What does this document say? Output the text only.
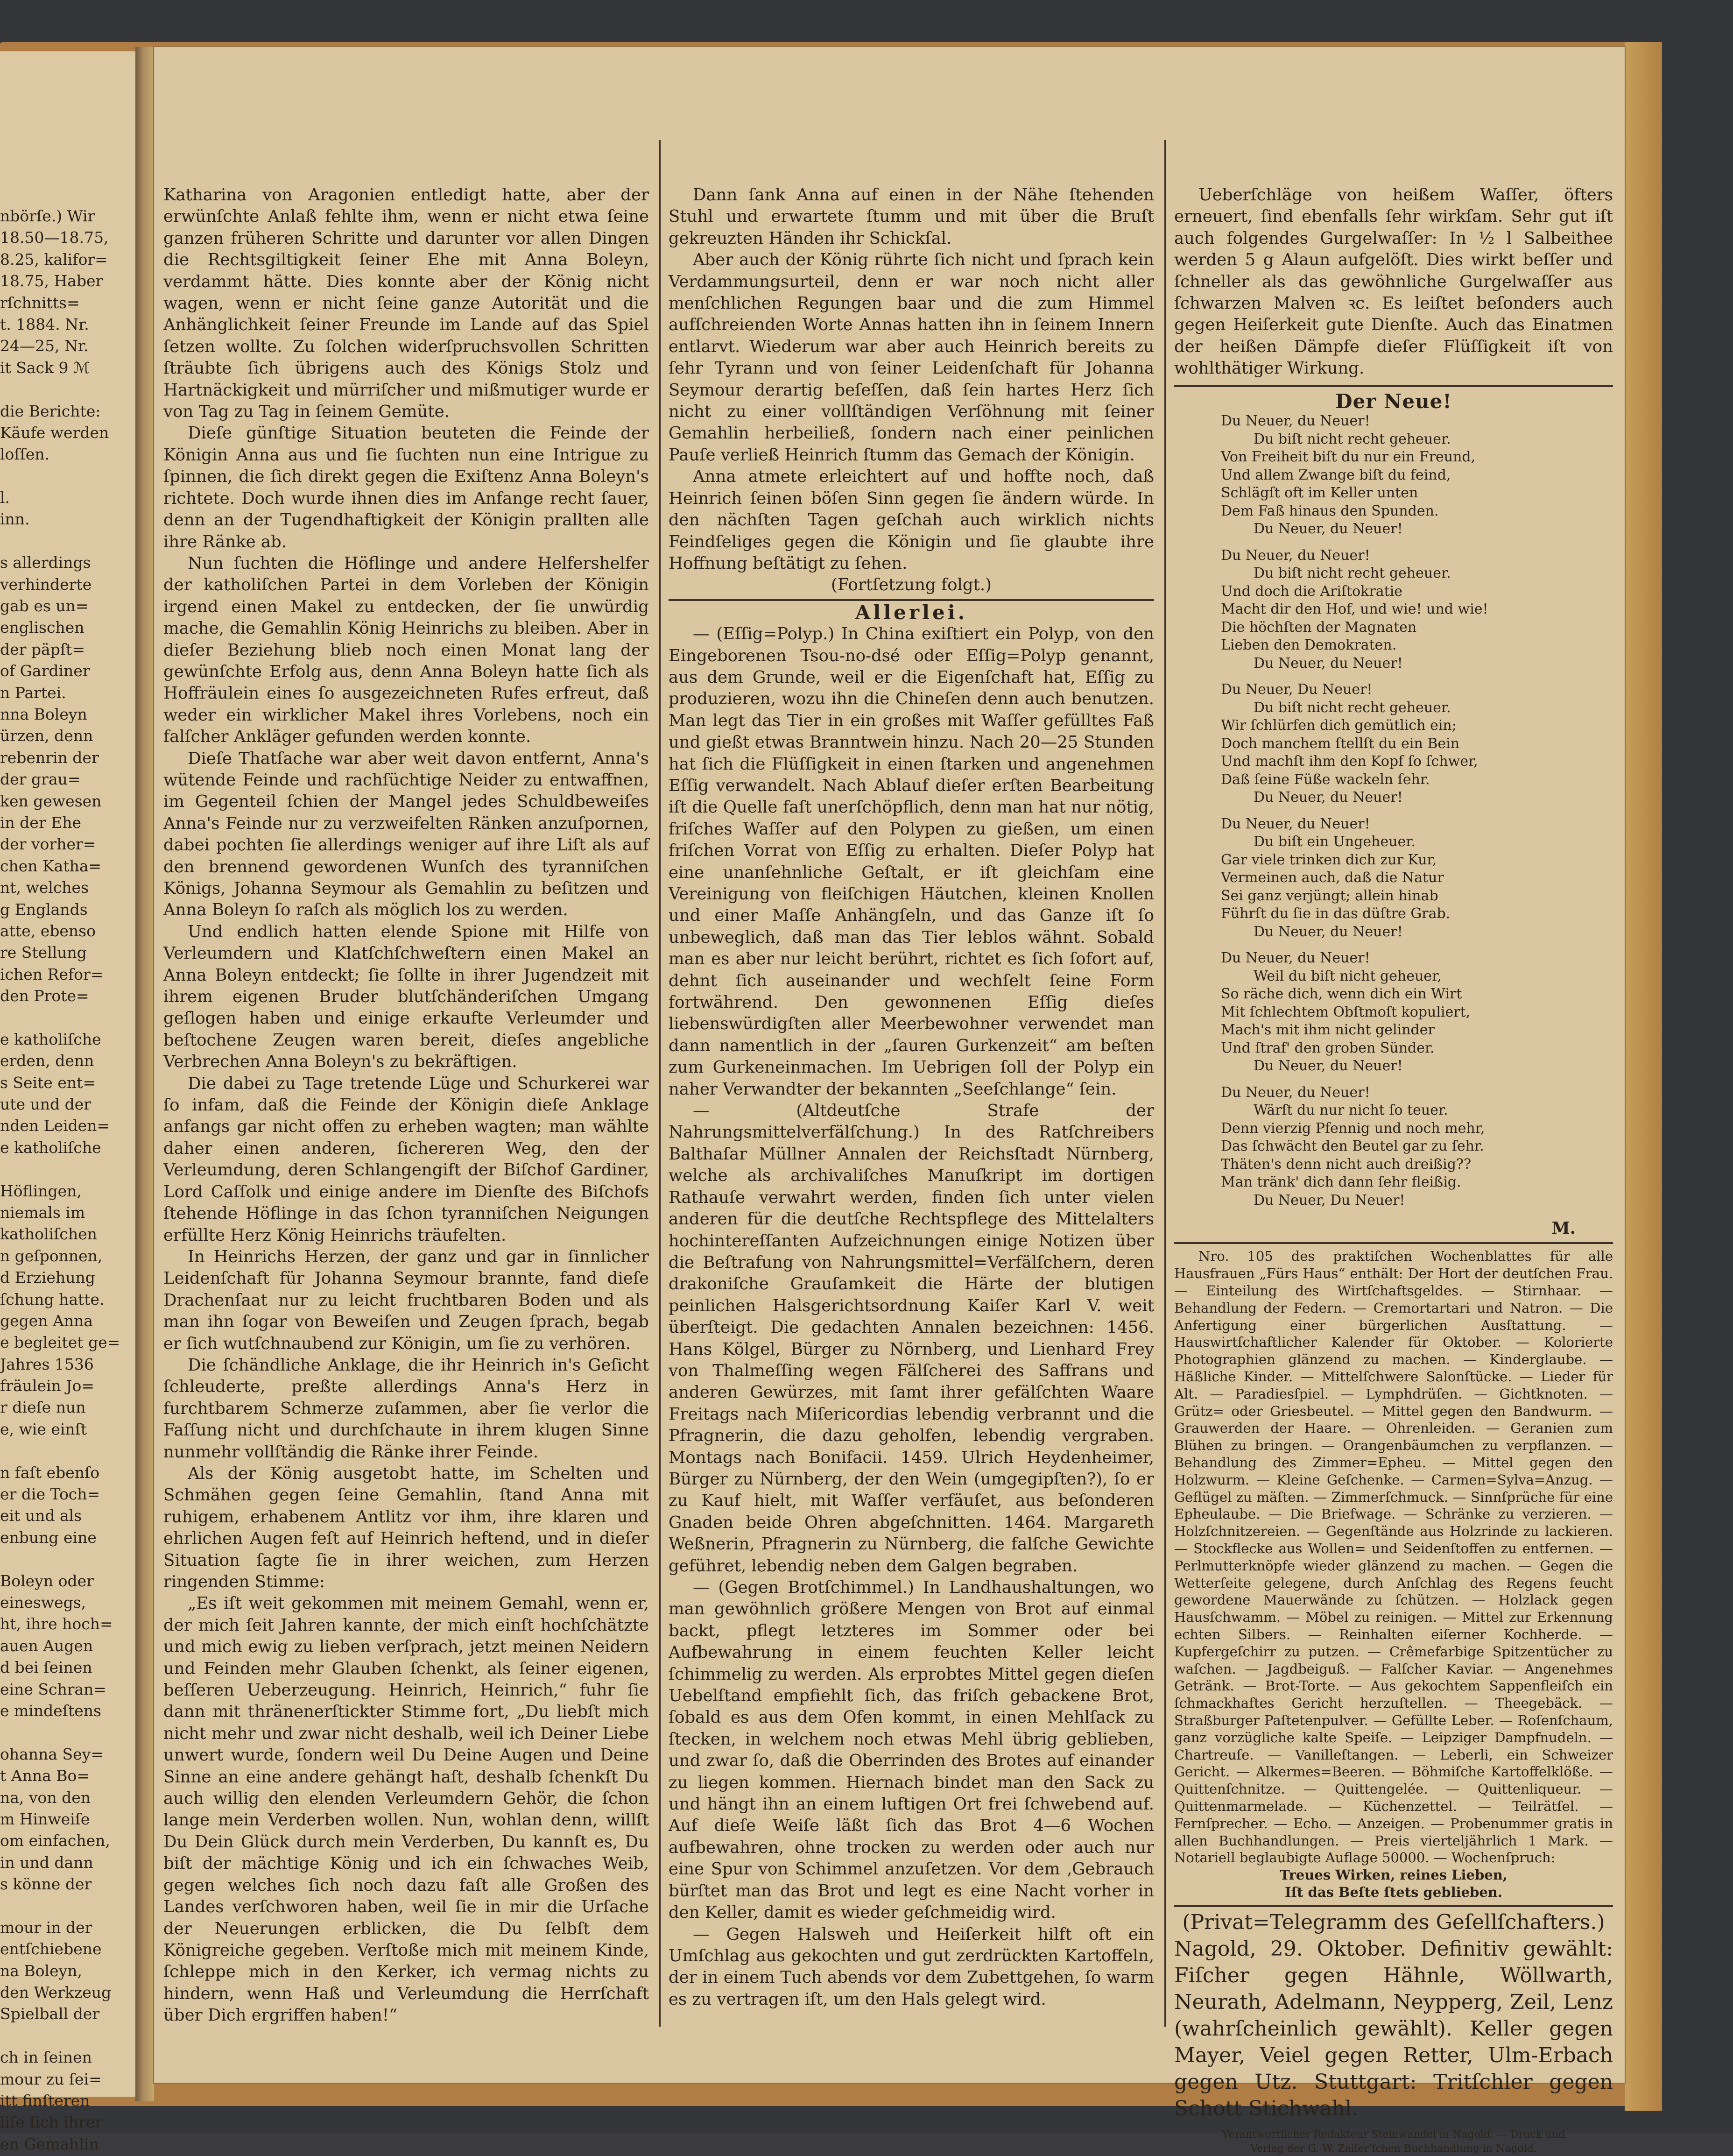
nbörſe.) Wir
18.50—18.75,
8.25, kalifor=
18.75, Haber
rſchnitts=
t. 1884. Nr.
24—25, Nr.
it Sack 9 ℳ
die Berichte:
Käufe werden
loſſen.
l.
inn.
s allerdings
verhinderte
gab es un=
englischen
der päpſt=
of Gardiner
n Partei.
nna Boleyn
ürzen, denn
rebenrin der
der grau=
ken gewesen
in der Ehe
der vorher=
chen Katha=
nt, welches
g Englands
atte, ebenso
re Stellung
ichen Refor=
den Prote=
e katholiſche
erden, denn
s Seite ent=
ute und der
nden Leiden=
e katholiſche
Höflingen,
niemals im
katholiſchen
n geſponnen,
d Erziehung
ſchung hatte.
gegen Anna
e begleitet ge=
Jahres 1536
fräulein Jo=
r dieſe nun
e, wie einſt
n faſt ebenſo
er die Toch=
eit und als
enbung eine
Boleyn oder
eineswegs,
ht, ihre hoch=
auen Augen
d bei ſeinen
eine Schran=
e mindeſtens
ohanna Sey=
t Anna Bo=
na, von den
m Hinweiſe
om einfachen,
in und dann
s könne der
mour in der
entſchiebene
na Boleyn,
den Werkzeug
Spielball der
ch in ſeinen
mour zu ſei=
itt finſteren
liſe ſich ihrer
en Gemahlin

Katharina von Aragonien entledigt hatte, aber der erwünſchte Anlaß fehlte ihm, wenn er nicht etwa ſeine ganzen früheren Schritte und darunter vor allen Dingen die Rechtsgiltigkeit ſeiner Ehe mit Anna Boleyn, verdammt hätte. Dies konnte aber der König nicht wagen, wenn er nicht ſeine ganze Autorität und die Anhänglichkeit ſeiner Freunde im Lande auf das Spiel ſetzen wollte. Zu ſolchen widerſpruchsvollen Schritten ſträubte ſich übrigens auch des Königs Stolz und Hartnäckigkeit und mürriſcher und mißmutiger wurde er von Tag zu Tag in ſeinem Gemüte.

Dieſe günſtige Situation beuteten die Feinde der Königin Anna aus und ſie ſuchten nun eine Intrigue zu ſpinnen, die ſich direkt gegen die Exiſtenz Anna Boleyn's richtete. Doch wurde ihnen dies im Anfange recht ſauer, denn an der Tugendhaftigkeit der Königin prallten alle ihre Ränke ab.

Nun ſuchten die Höflinge und andere Helfershelfer der katholiſchen Partei in dem Vorleben der Königin irgend einen Makel zu entdecken, der ſie unwürdig mache, die Gemahlin König Heinrichs zu bleiben. Aber in dieſer Beziehung blieb noch einen Monat lang der gewünſchte Erfolg aus, denn Anna Boleyn hatte ſich als Hoffräulein eines ſo ausgezeichneten Rufes erfreut, daß weder ein wirklicher Makel ihres Vorlebens, noch ein falſcher Ankläger gefunden werden konnte.

Dieſe Thatſache war aber weit davon entfernt, Anna's wütende Feinde und rachſüchtige Neider zu entwaffnen, im Gegenteil ſchien der Mangel jedes Schuldbeweiſes Anna's Feinde nur zu verzweifelten Ränken anzuſpornen, dabei pochten ſie allerdings weniger auf ihre Liſt als auf den brennend gewordenen Wunſch des tyranniſchen Königs, Johanna Seymour als Gemahlin zu beſitzen und Anna Boleyn ſo raſch als möglich los zu werden.

Und endlich hatten elende Spione mit Hilfe von Verleumdern und Klatſchſchweſtern einen Makel an Anna Boleyn entdeckt; ſie ſollte in ihrer Jugendzeit mit ihrem eigenen Bruder blutſchänderiſchen Umgang geſlogen haben und einige erkaufte Verleumder und beſtochene Zeugen waren bereit, dieſes angebliche Verbrechen Anna Boleyn's zu bekräftigen.

Die dabei zu Tage tretende Lüge und Schurkerei war ſo infam, daß die Feinde der Königin dieſe Anklage anfangs gar nicht offen zu erheben wagten; man wählte daher einen anderen, ſichereren Weg, den der Verleumdung, deren Schlangengift der Biſchof Gardiner, Lord Caſſolk und einige andere im Dienſte des Biſchofs ſtehende Höflinge in das ſchon tyranniſchen Neigungen erfüllte Herz König Heinrichs träufelten.

In Heinrichs Herzen, der ganz und gar in ſinnlicher Leidenſchaft für Johanna Seymour brannte, fand dieſe Drachenſaat nur zu leicht fruchtbaren Boden und als man ihn ſogar von Beweiſen und Zeugen ſprach, begab er ſich wutſchnaubend zur Königin, um ſie zu verhören.

Die ſchändliche Anklage, die ihr Heinrich in's Geſicht ſchleuderte, preßte allerdings Anna's Herz in furchtbarem Schmerze zuſammen, aber ſie verlor die Faſſung nicht und durchſchaute in ihrem klugen Sinne nunmehr vollſtändig die Ränke ihrer Feinde.

Als der König ausgetobt hatte, im Schelten und Schmähen gegen ſeine Gemahlin, ſtand Anna mit ruhigem, erhabenem Antlitz vor ihm, ihre klaren und ehrlichen Augen feſt auf Heinrich heftend, und in dieſer Situation ſagte ſie in ihrer weichen, zum Herzen ringenden Stimme:

„Es iſt weit gekommen mit meinem Gemahl, wenn er, der mich ſeit Jahren kannte, der mich einſt hochſchätzte und mich ewig zu lieben verſprach, jetzt meinen Neidern und Feinden mehr Glauben ſchenkt, als ſeiner eigenen, beſſeren Ueberzeugung. Heinrich, Heinrich,“ fuhr ſie dann mit thränenerſtickter Stimme fort, „Du liebſt mich nicht mehr und zwar nicht deshalb, weil ich Deiner Liebe unwert wurde, ſondern weil Du Deine Augen und Deine Sinne an eine andere gehängt haſt, deshalb ſchenkſt Du auch willig den elenden Verleumdern Gehör, die ſchon lange mein Verderben wollen. Nun, wohlan denn, willſt Du Dein Glück durch mein Verderben, Du kannſt es, Du biſt der mächtige König und ich ein ſchwaches Weib, gegen welches ſich noch dazu faſt alle Großen des Landes verſchworen haben, weil ſie in mir die Urſache der Neuerungen erblicken, die Du ſelbſt dem Königreiche gegeben. Verſtoße mich mit meinem Kinde, ſchleppe mich in den Kerker, ich vermag nichts zu hindern, wenn Haß und Verleumdung die Herrſchaft über Dich ergriffen haben!“

Dann ſank Anna auf einen in der Nähe ſtehenden Stuhl und erwartete ſtumm und mit über die Bruſt gekreuzten Händen ihr Schickſal.

Aber auch der König rührte ſich nicht und ſprach kein Verdammungsurteil, denn er war noch nicht aller menſchlichen Regungen baar und die zum Himmel aufſchreienden Worte Annas hatten ihn in ſeinem Innern entlarvt. Wiederum war aber auch Heinrich bereits zu ſehr Tyrann und von ſeiner Leidenſchaft für Johanna Seymour derartig beſeſſen, daß ſein hartes Herz ſich nicht zu einer vollſtändigen Verſöhnung mit ſeiner Gemahlin herbeiließ, ſondern nach einer peinlichen Pauſe verließ Heinrich ſtumm das Gemach der Königin.

Anna atmete erleichtert auf und hoffte noch, daß Heinrich ſeinen böſen Sinn gegen ſie ändern würde. In den nächſten Tagen geſchah auch wirklich nichts Feindſeliges gegen die Königin und ſie glaubte ihre Hoffnung beſtätigt zu ſehen.

(Fortſetzung folgt.)
Allerlei.

— (Eſſig=Polyp.) In China exiſtiert ein Polyp, von den Eingeborenen Tsou-no-dsé oder Eſſig=Polyp genannt, aus dem Grunde, weil er die Eigenſchaft hat, Eſſig zu produzieren, wozu ihn die Chineſen denn auch benutzen. Man legt das Tier in ein großes mit Waſſer gefülltes Faß und gießt etwas Branntwein hinzu. Nach 20—25 Stunden hat ſich die Flüſſigkeit in einen ſtarken und angenehmen Eſſig verwandelt. Nach Ablauf dieſer erſten Bearbeitung iſt die Quelle faſt unerſchöpflich, denn man hat nur nötig, friſches Waſſer auf den Polypen zu gießen, um einen friſchen Vorrat von Eſſig zu erhalten. Dieſer Polyp hat eine unanſehnliche Geſtalt, er iſt gleichſam eine Vereinigung von fleiſchigen Häutchen, kleinen Knollen und einer Maſſe Anhängſeln, und das Ganze iſt ſo unbeweglich, daß man das Tier leblos wähnt. Sobald man es aber nur leicht berührt, richtet es ſich ſofort auf, dehnt ſich auseinander und wechſelt ſeine Form fortwährend. Den gewonnenen Eſſig dieſes liebenswürdigſten aller Meerbewohner verwendet man dann namentlich in der „ſauren Gurkenzeit“ am beſten zum Gurkeneinmachen. Im Uebrigen ſoll der Polyp ein naher Verwandter der bekannten „Seeſchlange“ ſein.

— (Altdeutſche Strafe der Nahrungsmittelverfälſchung.) In des Ratſchreibers Balthaſar Müllner Annalen der Reichsſtadt Nürnberg, welche als archivaliſches Manuſkript im dortigen Rathauſe verwahrt werden, finden ſich unter vielen anderen für die deutſche Rechtspflege des Mittelalters hochintereſſanten Aufzeichnungen einige Notizen über die Beſtrafung von Nahrungsmittel=Verfälſchern, deren drakoniſche Grauſamkeit die Härte der blutigen peinlichen Halsgerichtsordnung Kaiſer Karl V. weit überſteigt. Die gedachten Annalen bezeichnen: 1456. Hans Kölgel, Bürger zu Nörnberg, und Lienhard Frey von Thalmeſſing wegen Fälſcherei des Saffrans und anderen Gewürzes, mit ſamt ihrer gefälſchten Waare Freitags nach Miſericordias lebendig verbrannt und die Pfragnerin, die dazu geholfen, lebendig vergraben. Montags nach Bonifacii. 1459. Ulrich Heydenheimer, Bürger zu Nürnberg, der den Wein (umgegipſten?), ſo er zu Kauf hielt, mit Waſſer verfäuſet, aus beſonderen Gnaden beide Ohren abgeſchnitten. 1464. Margareth Weßnerin, Pfragnerin zu Nürnberg, die falſche Gewichte geführet, lebendig neben dem Galgen begraben.

— (Gegen Brotſchimmel.) In Landhaushaltungen, wo man gewöhnlich größere Mengen von Brot auf einmal backt, pflegt letzteres im Sommer oder bei Aufbewahrung in einem feuchten Keller leicht ſchimmelig zu werden. Als erprobtes Mittel gegen dieſen Uebelſtand empfiehlt ſich, das friſch gebackene Brot, ſobald es aus dem Ofen kommt, in einen Mehlſack zu ſtecken, in welchem noch etwas Mehl übrig geblieben, und zwar ſo, daß die Oberrinden des Brotes auf einander zu liegen kommen. Hiernach bindet man den Sack zu und hängt ihn an einem luftigen Ort frei ſchwebend auf. Auf dieſe Weiſe läßt ſich das Brot 4—6 Wochen aufbewahren, ohne trocken zu werden oder auch nur eine Spur von Schimmel anzuſetzen. Vor dem ‚Gebrauch bürſtet man das Brot und legt es eine Nacht vorher in den Keller, damit es wieder geſchmeidig wird.

— Gegen Halsweh und Heiſerkeit hilft oft ein Umſchlag aus gekochten und gut zerdrückten Kartoffeln, der in einem Tuch abends vor dem Zubettgehen, ſo warm es zu vertragen iſt, um den Hals gelegt wird.

Ueberſchläge von heißem Waſſer, öfters erneuert, ſind ebenfalls ſehr wirkſam. Sehr gut iſt auch folgendes Gurgelwaſſer: In ½ l Salbeithee werden 5 g Alaun aufgelöſt. Dies wirkt beſſer und ſchneller als das gewöhnliche Gurgelwaſſer aus ſchwarzen Malven ꝛc. Es leiſtet beſonders auch gegen Heiſerkeit gute Dienſte. Auch das Einatmen der heißen Dämpfe dieſer Flüſſigkeit iſt von wohlthätiger Wirkung.

Der Neue!
Du Neuer, du Neuer!
Du biſt nicht recht geheuer.
Von Freiheit biſt du nur ein Freund,
Und allem Zwange biſt du feind,
Schlägſt oft im Keller unten
Dem Faß hinaus den Spunden.
Du Neuer, du Neuer!
Du Neuer, du Neuer!
Du biſt nicht recht geheuer.
Und doch die Ariſtokratie
Macht dir den Hof, und wie! und wie!
Die höchſten der Magnaten
Lieben den Demokraten.
Du Neuer, du Neuer!
Du Neuer, Du Neuer!
Du biſt nicht recht geheuer.
Wir ſchlürfen dich gemütlich ein;
Doch manchem ſtellſt du ein Bein
Und machſt ihm den Kopf ſo ſchwer,
Daß ſeine Füße wackeln ſehr.
Du Neuer, du Neuer!
Du Neuer, du Neuer!
Du biſt ein Ungeheuer.
Gar viele trinken dich zur Kur,
Vermeinen auch, daß die Natur
Sei ganz verjüngt; allein hinab
Führſt du ſie in das düſtre Grab.
Du Neuer, du Neuer!
Du Neuer, du Neuer!
Weil du biſt nicht geheuer,
So räche dich, wenn dich ein Wirt
Mit ſchlechtem Obſtmoſt kopuliert,
Mach's mit ihm nicht gelinder
Und ſtraf' den groben Sünder.
Du Neuer, du Neuer!
Du Neuer, du Neuer!
Wärſt du nur nicht ſo teuer.
Denn vierzig Pfennig und noch mehr,
Das ſchwächt den Beutel gar zu ſehr.
Thäten's denn nicht auch dreißig??
Man tränk' dich dann ſehr fleißig.
Du Neuer, Du Neuer!
M.

Nro. 105 des praktiſchen Wochenblattes für alle Hausfrauen „Fürs Haus“ enthält: Der Hort der deutſchen Frau. — Einteilung des Wirtſchaftsgeldes. — Stirnhaar. — Behandlung der Federn. — Cremortartari und Natron. — Die Anfertigung einer bürgerlichen Ausſtattung. — Hauswirtſchaftlicher Kalender für Oktober. — Kolorierte Photographien glänzend zu machen. — Kinderglaube. — Häßliche Kinder. — Mittelſchwere Salonſtücke. — Lieder für Alt. — Paradiesſpiel. — Lymphdrüſen. — Gichtknoten. — Grütz= oder Griesbeutel. — Mittel gegen den Bandwurm. — Grauwerden der Haare. — Ohrenleiden. — Geranien zum Blühen zu bringen. — Orangenbäumchen zu verpflanzen. — Behandlung des Zimmer=Epheu. — Mittel gegen den Holzwurm. — Kleine Geſchenke. — Carmen=Sylva=Anzug. — Geflügel zu mäſten. — Zimmerſchmuck. — Sinnſprüche für eine Epheulaube. — Die Briefwage. — Schränke zu verzieren. — Holzſchnitzereien. — Gegenſtände aus Holzrinde zu lackieren. — Stockflecke aus Wollen= und Seidenſtoffen zu entfernen. — Perlmutterknöpfe wieder glänzend zu machen. — Gegen die Wetterſeite gelegene, durch Anſchlag des Regens feucht gewordene Mauerwände zu ſchützen. — Holzlack gegen Hausſchwamm. — Möbel zu reinigen. — Mittel zur Erkennung echten Silbers. — Reinhalten eiſerner Kochherde. — Kupfergeſchirr zu putzen. — Crêmefarbige Spitzentücher zu waſchen. — Jagdbeiguß. — Falſcher Kaviar. — Angenehmes Getränk. — Brot-Torte. — Aus gekochtem Sappenfleiſch ein ſchmackhaftes Gericht herzuſtellen. — Theegebäck. — Straßburger Paſtetenpulver. — Gefüllte Leber. — Roſenſchaum, ganz vorzügliche kalte Speiſe. — Leipziger Dampfnudeln. — Chartreuſe. — Vanilleſtangen. — Leberli, ein Schweizer Gericht. — Alkermes=Beeren. — Böhmiſche Kartoffelklöße. — Quittenſchnitze. — Quittengelée. — Quittenliqueur. — Quittenmarmelade. — Küchenzettel. — Teilrätſel. — Fernſprecher. — Echo. — Anzeigen. — Probenummer gratis in allen Buchhandlungen. — Preis vierteljährlich 1 Mark. — Notariell beglaubigte Auflage 50000. — Wochenſpruch:

Treues Wirken, reines Lieben,
Iſt das Beſte ſtets geblieben.
(Privat=Telegramm des Geſellſchafters.)

Nagold, 29. Oktober. Definitiv gewählt: Fiſcher gegen Hähnle, Wöllwarth, Neurath, Adelmann, Neypperg, Zeil, Lenz (wahrſcheinlich gewählt). Keller gegen Mayer, Veiel gegen Retter, Ulm-Erbach gegen Utz. Stuttgart: Tritſchler gegen Schott Stichwahl.

Verantwortlicher Redakteur Steinwandel in Nagold. — Druck und
Verlag der G. W. Zaiſer'ſchen Buchhandlung in Nagold.
